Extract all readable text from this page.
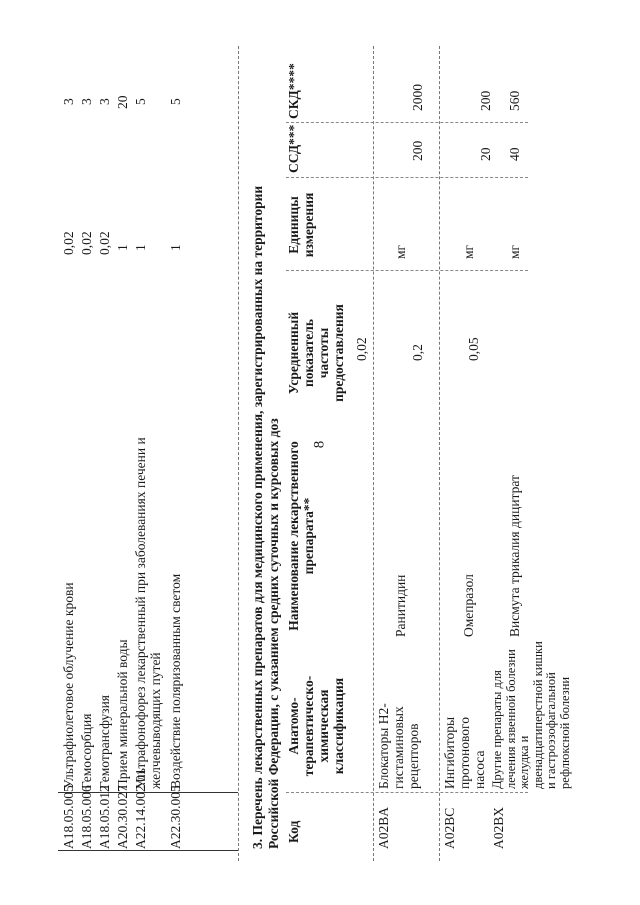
8
A18.05.005
Ультрафиолетовое облучение крови
0,02
3
A18.05.006
Гемосорбция
0,02
3
A18.05.012
Гемотрансфузия
0,02
3
A20.30.027
Прием минеральной воды
1
20
A22.14.002.01
Ультрафонофорез лекарственный при заболеваниях печени и желчевыводящих путей
1
5
A22.30.005
Воздействие поляризованным светом
1
5
3. Перечень лекарственных препаратов для медицинского применения, зарегистрированных на территории Российской Федерации, с указанием средних суточных и курсовых доз Код
Анатомо-терапевтическо-химическая классификация
Наименование лекарственного препарата**
Усредненный показатель частоты предоставления
Единицы измерения
ССД***
СКД****
A02BA
Блокаторы Н2-гистаминовых рецепторов
Ранитидин
0,02
мг
200
2000
A02BC
Ингибиторы протонового насоса
Омепразол
0,2
мг
20
200
A02BX
Другие препараты для лечения язвенной болезни желудка и двенадцатиперстной кишки и гастроэзофагальной рефлюксной болезни
Висмута трикалия дицитрат
0,05
мг
40
560
